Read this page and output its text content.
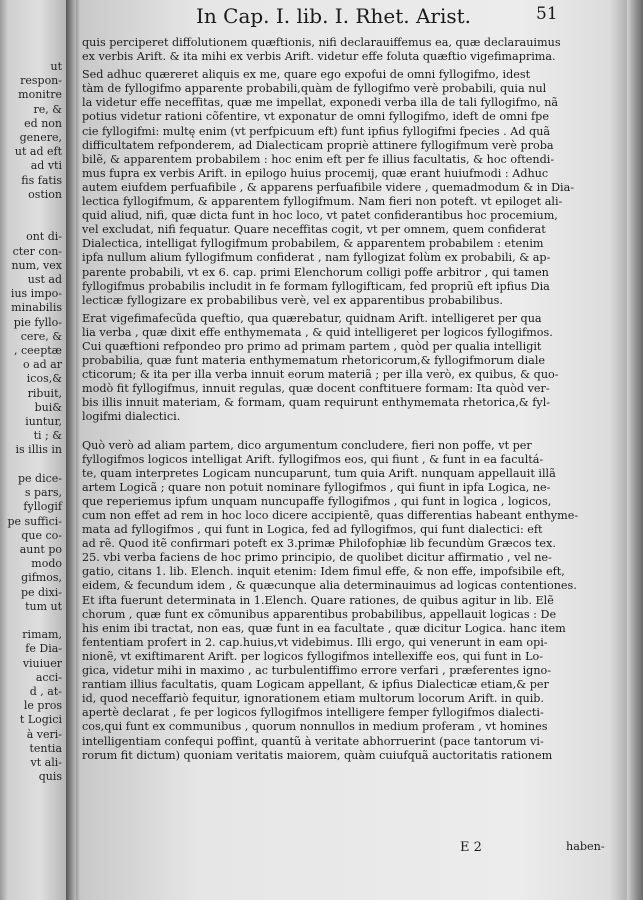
ut
respon-
monitre
re, &
ed non
genere,
ut ad eft
ad vti
fis fatis
ostion

ont di-
cter con-
num, vex
ust ad
ius impo-
minabilis
pie fyllo-
cere, &
, ceeptæ
o ad ar
icos,&
ribuit,
bui&
iuntur,
ti ; &
is illis in

pe dice-
s pars,
fyllogif
pe suffici-
que co-
aunt po
modo
gifmos,
pe dixi-
tum ut

rimam,
fe Dia-
viuiuer
acci-
d , at-
le pros
t Logici
à veri-
tentia
vt ali-
quis
In Cap. I. lib. I. Rhet. Arist.	51
quis perciperet diffolutionem quæftionis, nifi declarauiffemus ea, quæ declarauimus
ex verbis Arift. & ita mihi ex verbis Arift. videtur effe foluta quæftio vigefimaprima.
Sed adhuc quæreret aliquis ex me, quare ego expofui de omni fyllogifmo, idest
tàm de fyllogifmo apparente probabili,quàm de fyllogifmo verè probabili, quia nul
la videtur effe neceffitas, quæ me impellat, exponedi verba illa de tali fyllogifmo, nã
potius videtur rationi cõfentire, vt exponatur de omni fyllogifmo, ideft de omni fpe
cie fyllogifmi: multę enim (vt perfpicuum eft) funt ipfius fyllogifmi fpecies . Ad quã
difficultatem refponderem, ad Dialecticam propriè attinere fyllogifmum verè proba
bilẽ, & apparentem probabilem : hoc enim eft per fe illius facultatis, & hoc oftendi-
mus fupra ex verbis Arift. in epilogo huius procemij, quæ erant huiufmodi : Adhuc
autem eiufdem perfuafibile , & apparens perfuafibile videre , quemadmodum & in Dia-
lectica fyllogifmum, & apparentem fyllogifmum. Nam fieri non poteft. vt epiloget ali-
quid aliud, nifi, quæ dicta funt in hoc loco, vt patet confiderantibus hoc procemium,
vel excludat, nifi fequatur. Quare neceffitas cogit, vt per omnem, quem confiderat
Dialectica, intelligat fyllogifmum probabilem, & apparentem probabilem : etenim
ipfa nullum alium fyllogifmum confiderat , nam fyllogizat folùm ex probabili, & ap-
parente probabili, vt ex 6. cap. primi Elenchorum colligi poffe arbitror , qui tamen
fyllogifmus probabilis includit in fe formam fyllogifticam, fed propriũ eft ipfius Dia
lecticæ fyllogizare ex probabilibus verè, vel ex apparentibus probabilibus.
Erat vigefimafecũda queftio, qua quærebatur, quidnam Arift. intelligeret per qua
lia verba , quæ dixit effe enthymemata , & quid intelligeret per logicos fyllogifmos.
Cui quæftioni refpondeo pro primo ad primam partem , quòd per qualia intelligit
probabilia, quæ funt materia enthymematum rhetoricorum,& fyllogifmorum diale
cticorum; & ita per illa verba innuit eorum materiã ; per illa verò, ex quibus, & quo-
modò fit fyllogifmus, innuit regulas, quæ docent conftituere formam: Ita quòd ver-
bis illis innuit materiam, & formam, quam requirunt enthymemata rhetorica,& fyl-
logifmi dialectici.
Quò verò ad aliam partem, dico argumentum concludere, fieri non poffe, vt per
fyllogifmos logicos intelligat Arift. fyllogifmos eos, qui fiunt , & funt in ea facultá-
te, quam interpretes Logicam nuncuparunt, tum quia Arift. nunquam appellauit illã
artem Logicã ; quare non potuit nominare fyllogifmos , qui fiunt in ipfa Logica, ne-
que reperiemus ipfum unquam nuncupaffe fyllogifmos , qui funt in logica , logicos,
cum non effet ad rem in hoc loco dicere accipientẽ, quas differentias habeant enthyme-
mata ad fyllogifmos , qui funt in Logica, fed ad fyllogifmos, qui funt dialectici: eft
ad rẽ. Quod itẽ confirmari poteft ex 3.primæ Philofophiæ lib fecundùm Græcos tex.
25. vbi verba faciens de hoc primo principio, de quolibet dicitur affirmatio , vel ne-
gatio, citans 1. lib. Elench. inquit etenim: Idem fimul effe, & non effe, impofsibile eft,
eidem, & fecundum idem , & quæcunque alia determinauimus ad logicas contentiones.
Et ifta fuerunt determinata in 1.Elench. Quare rationes, de quibus agitur in lib. Elẽ
chorum , quæ funt ex cõmunibus apparentibus probabilibus, appellauit logicas : De
his enim ibi tractat, non eas, quæ funt in ea facultate , quæ dicitur Logica. hanc item
fententiam profert in 2. cap.huius,vt videbimus. Illi ergo, qui venerunt in eam opi-
nionẽ, vt exiftimarent Arift. per logicos fyllogifmos intellexiffe eos, qui funt in Lo-
gica, videtur mihi in maximo , ac turbulentiffimo errore verfari , præferentes igno-
rantiam illius facultatis, quam Logicam appellant, & ipfius Dialecticæ etiam,& per
id, quod neceffariò fequitur, ignorationem etiam multorum locorum Arift. in quib.
apertè declarat , fe per logicos fyllogifmos intelligere femper fyllogifmos dialecti-
cos,qui funt ex communibus , quorum nonnullos in medium proferam , vt homines
intelligentiam confequi poffint, quantũ à veritate abhorruerint (pace tantorum vi-
rorum fit dictum) quoniam veritatis maiorem, quàm cuiufquã auctoritatis rationem
E 2	haben-
